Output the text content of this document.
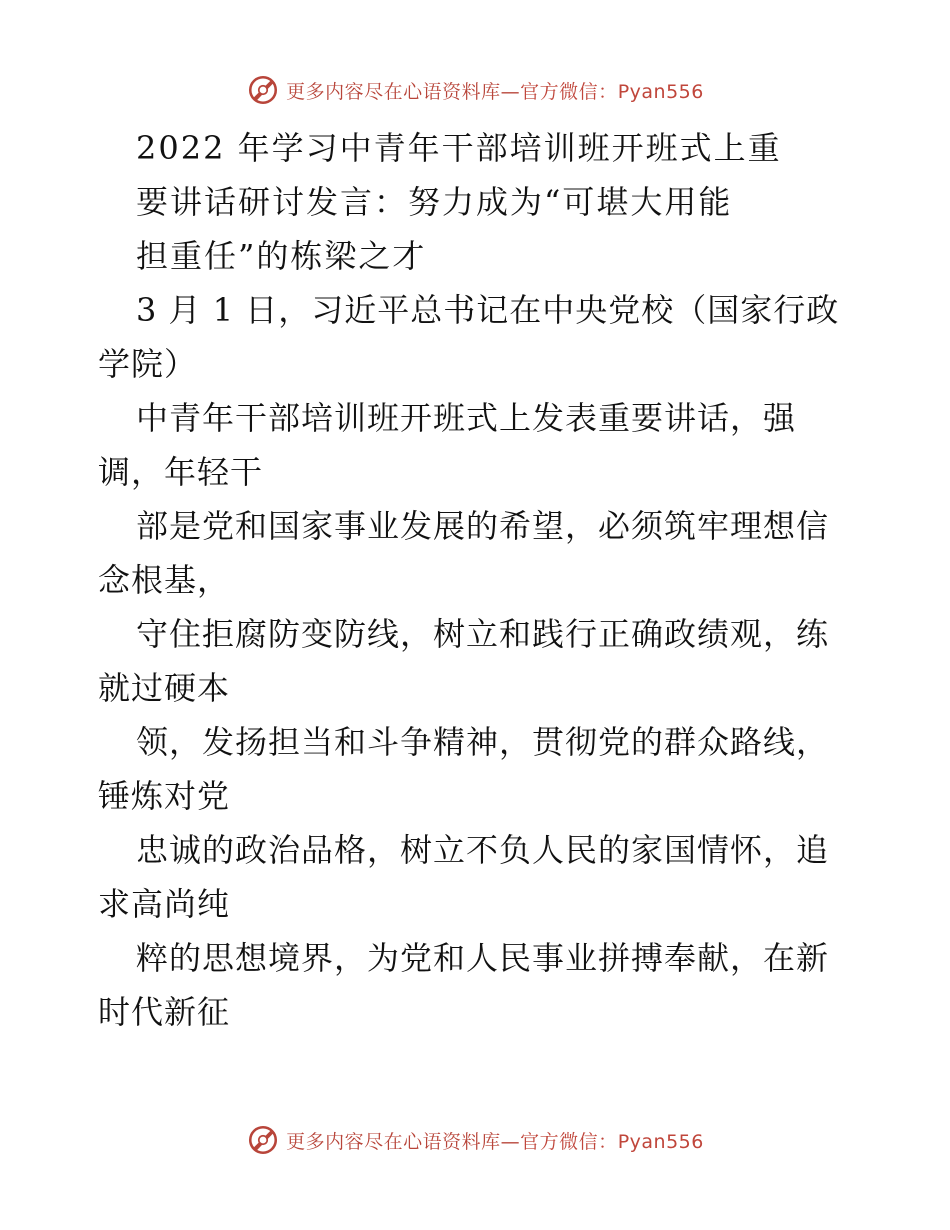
更多内容尽在心语资料库—官方微信：Pyan556
2022 年学习中青年干部培训班开班式上重
要讲话研讨发言：努力成为“可堪大用能
担重任”的栋梁之才
3 月 1 日，习近平总书记在中央党校（国家行政
学院）
中青年干部培训班开班式上发表重要讲话，强
调，年轻干
部是党和国家事业发展的希望，必须筑牢理想信
念根基，
守住拒腐防变防线，树立和践行正确政绩观，练
就过硬本
领，发扬担当和斗争精神，贯彻党的群众路线，
锤炼对党
忠诚的政治品格，树立不负人民的家国情怀，追
求高尚纯
粹的思想境界，为党和人民事业拼搏奉献，在新
时代新征
更多内容尽在心语资料库—官方微信：Pyan556
